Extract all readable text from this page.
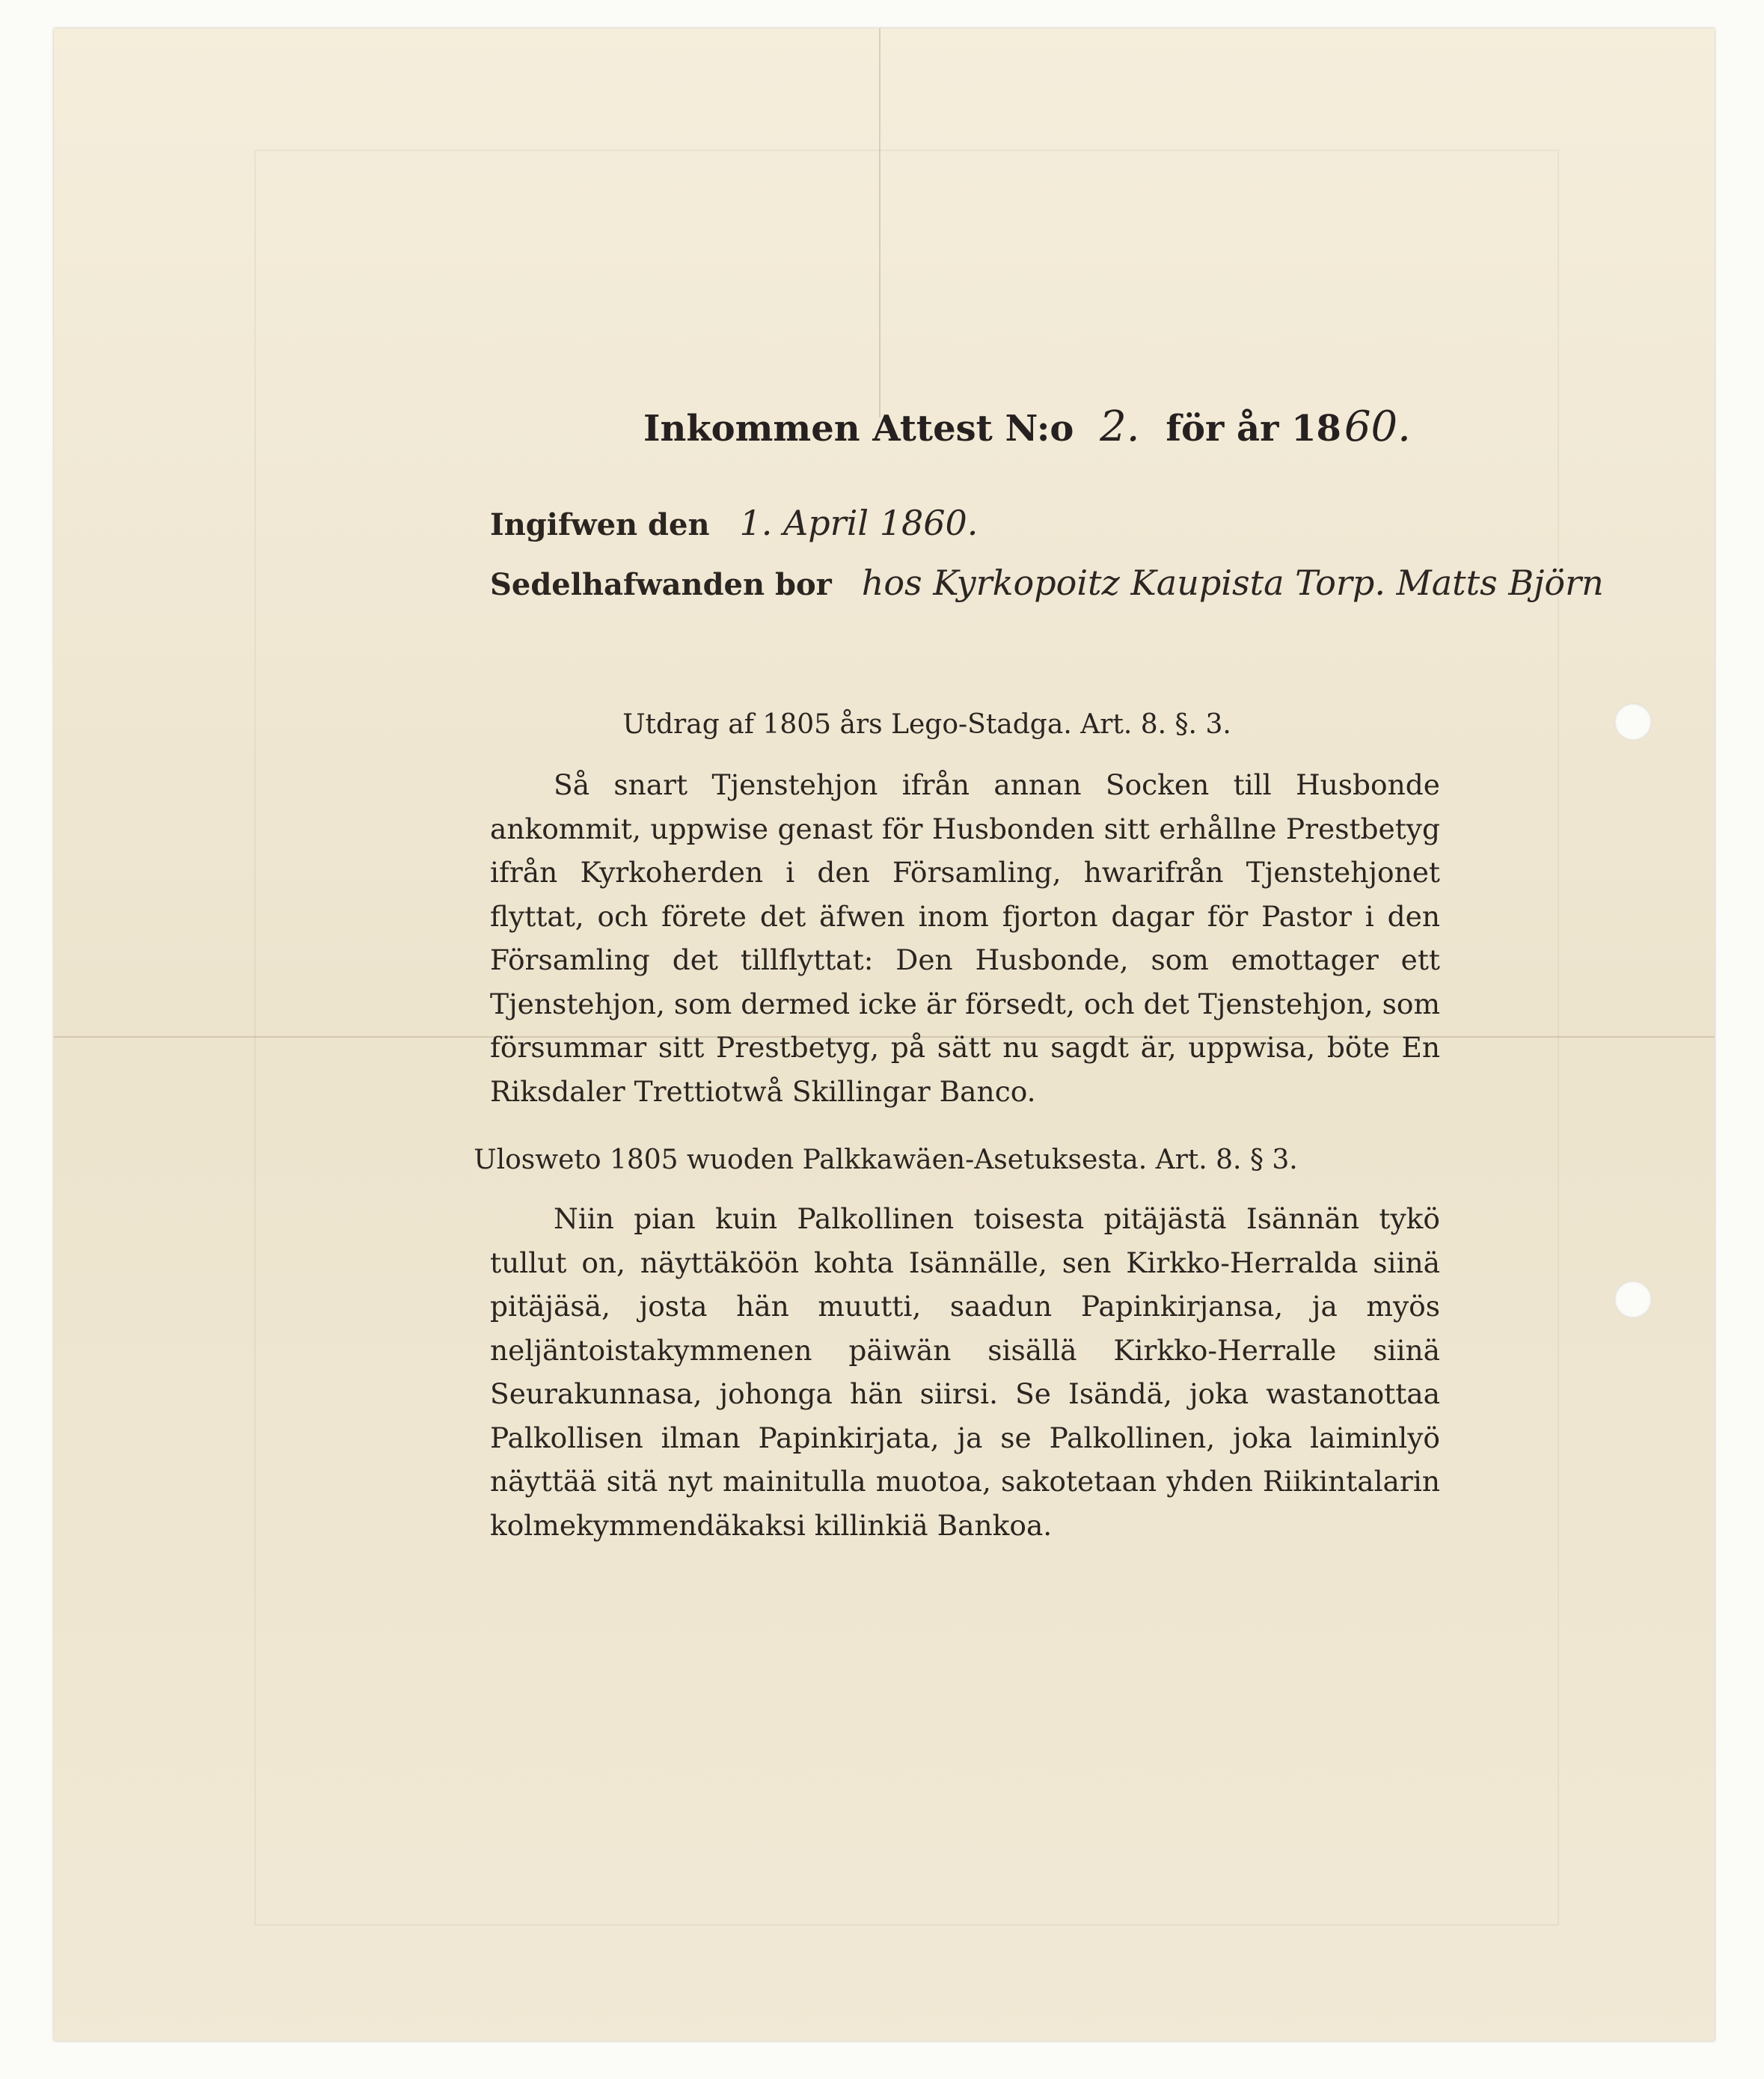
Inkommen Attest N:o 2. för år 1860.
Ingifwen den 1. April 1860.
Sedelhafwanden bor hos Kyrkopoitz Kaupista Torp. Matts Björn
Utdrag af 1805 års Lego-Stadga. Art. 8. §. 3.
Så snart Tjenstehjon ifrån annan Socken till Husbonde ankommit, uppwise genast för Husbonden sitt erhållne Prestbetyg ifrån Kyrkoherden i den Församling, hwarifrån Tjenstehjonet flyttat, och förete det äfwen inom fjorton dagar för Pastor i den Församling det tillflyttat: Den Husbonde, som emottager ett Tjenstehjon, som dermed icke är försedt, och det Tjenstehjon, som försummar sitt Prestbetyg, på sätt nu sagdt är, uppwisa, böte En Riksdaler Trettiotwå Skillingar Banco.
Ulosweto 1805 wuoden Palkkawäen-Asetuksesta. Art. 8. § 3.
Niin pian kuin Palkollinen toisesta pitäjästä Isännän tykö tullut on, näyttäköön kohta Isännälle, sen Kirkko-Herralda siinä pitäjäsä, josta hän muutti, saadun Papinkirjansa, ja myös neljäntoistakymmenen päiwän sisällä Kirkko-Herralle siinä Seurakunnasa, johonga hän siirsi. Se Isändä, joka wastanottaa Palkollisen ilman Papinkirjata, ja se Palkollinen, joka laiminlyö näyttää sitä nyt mainitulla muotoa, sakotetaan yhden Riikintalarin kolmekymmendäkaksi killinkiä Bankoa.
